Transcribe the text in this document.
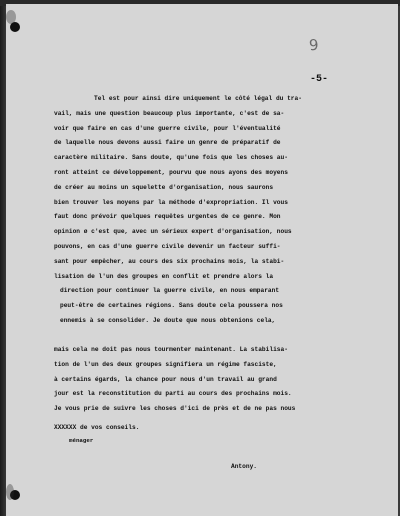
9
-5-
Tel est pour ainsi dire uniquement le côté légal du tra-
vail, mais une question beaucoup plus importante, c'est de sa-
voir que faire en cas d'une guerre civile, pour l'éventualité
de laquelle nous devons aussi faire un genre de préparatif de
caractère militaire. Sans doute, qu'une fois que les choses au-
ront atteint ce développement, pourvu que nous ayons des moyens
de créer au moins un squelette d'organisation, nous saurons
bien trouver les moyens par la méthode d'expropriation. Il vous
faut donc prévoir quelques requêtes urgentes de ce genre. Mon
opinion ø c'est que, avec un sérieux expert d'organisation, nous
pouvons, en cas d'une guerre civile devenir un facteur suffi-
sant pour empêcher, au cours des six prochains mois, la stabi-
lisation de l'un des groupes en conflit et prendre alors la
direction pour continuer la guerre civile, en nous emparant
peut-être de certaines régions. Sans doute cela poussera nos
ennemis à se consolider. Je doute que nous obtenions cela,
mais cela ne doit pas nous tourmenter maintenant. La stabilisa-
tion de l'un des deux groupes signifiera un régime fasciste,
à certains égards, la chance pour nous d'un travail au grand
jour est la reconstitution du parti au cours des prochains mois.
Je vous prie de suivre les choses d'ici de près et de ne pas nous
XXXXXX de vos conseils.
ménager
Antony.
